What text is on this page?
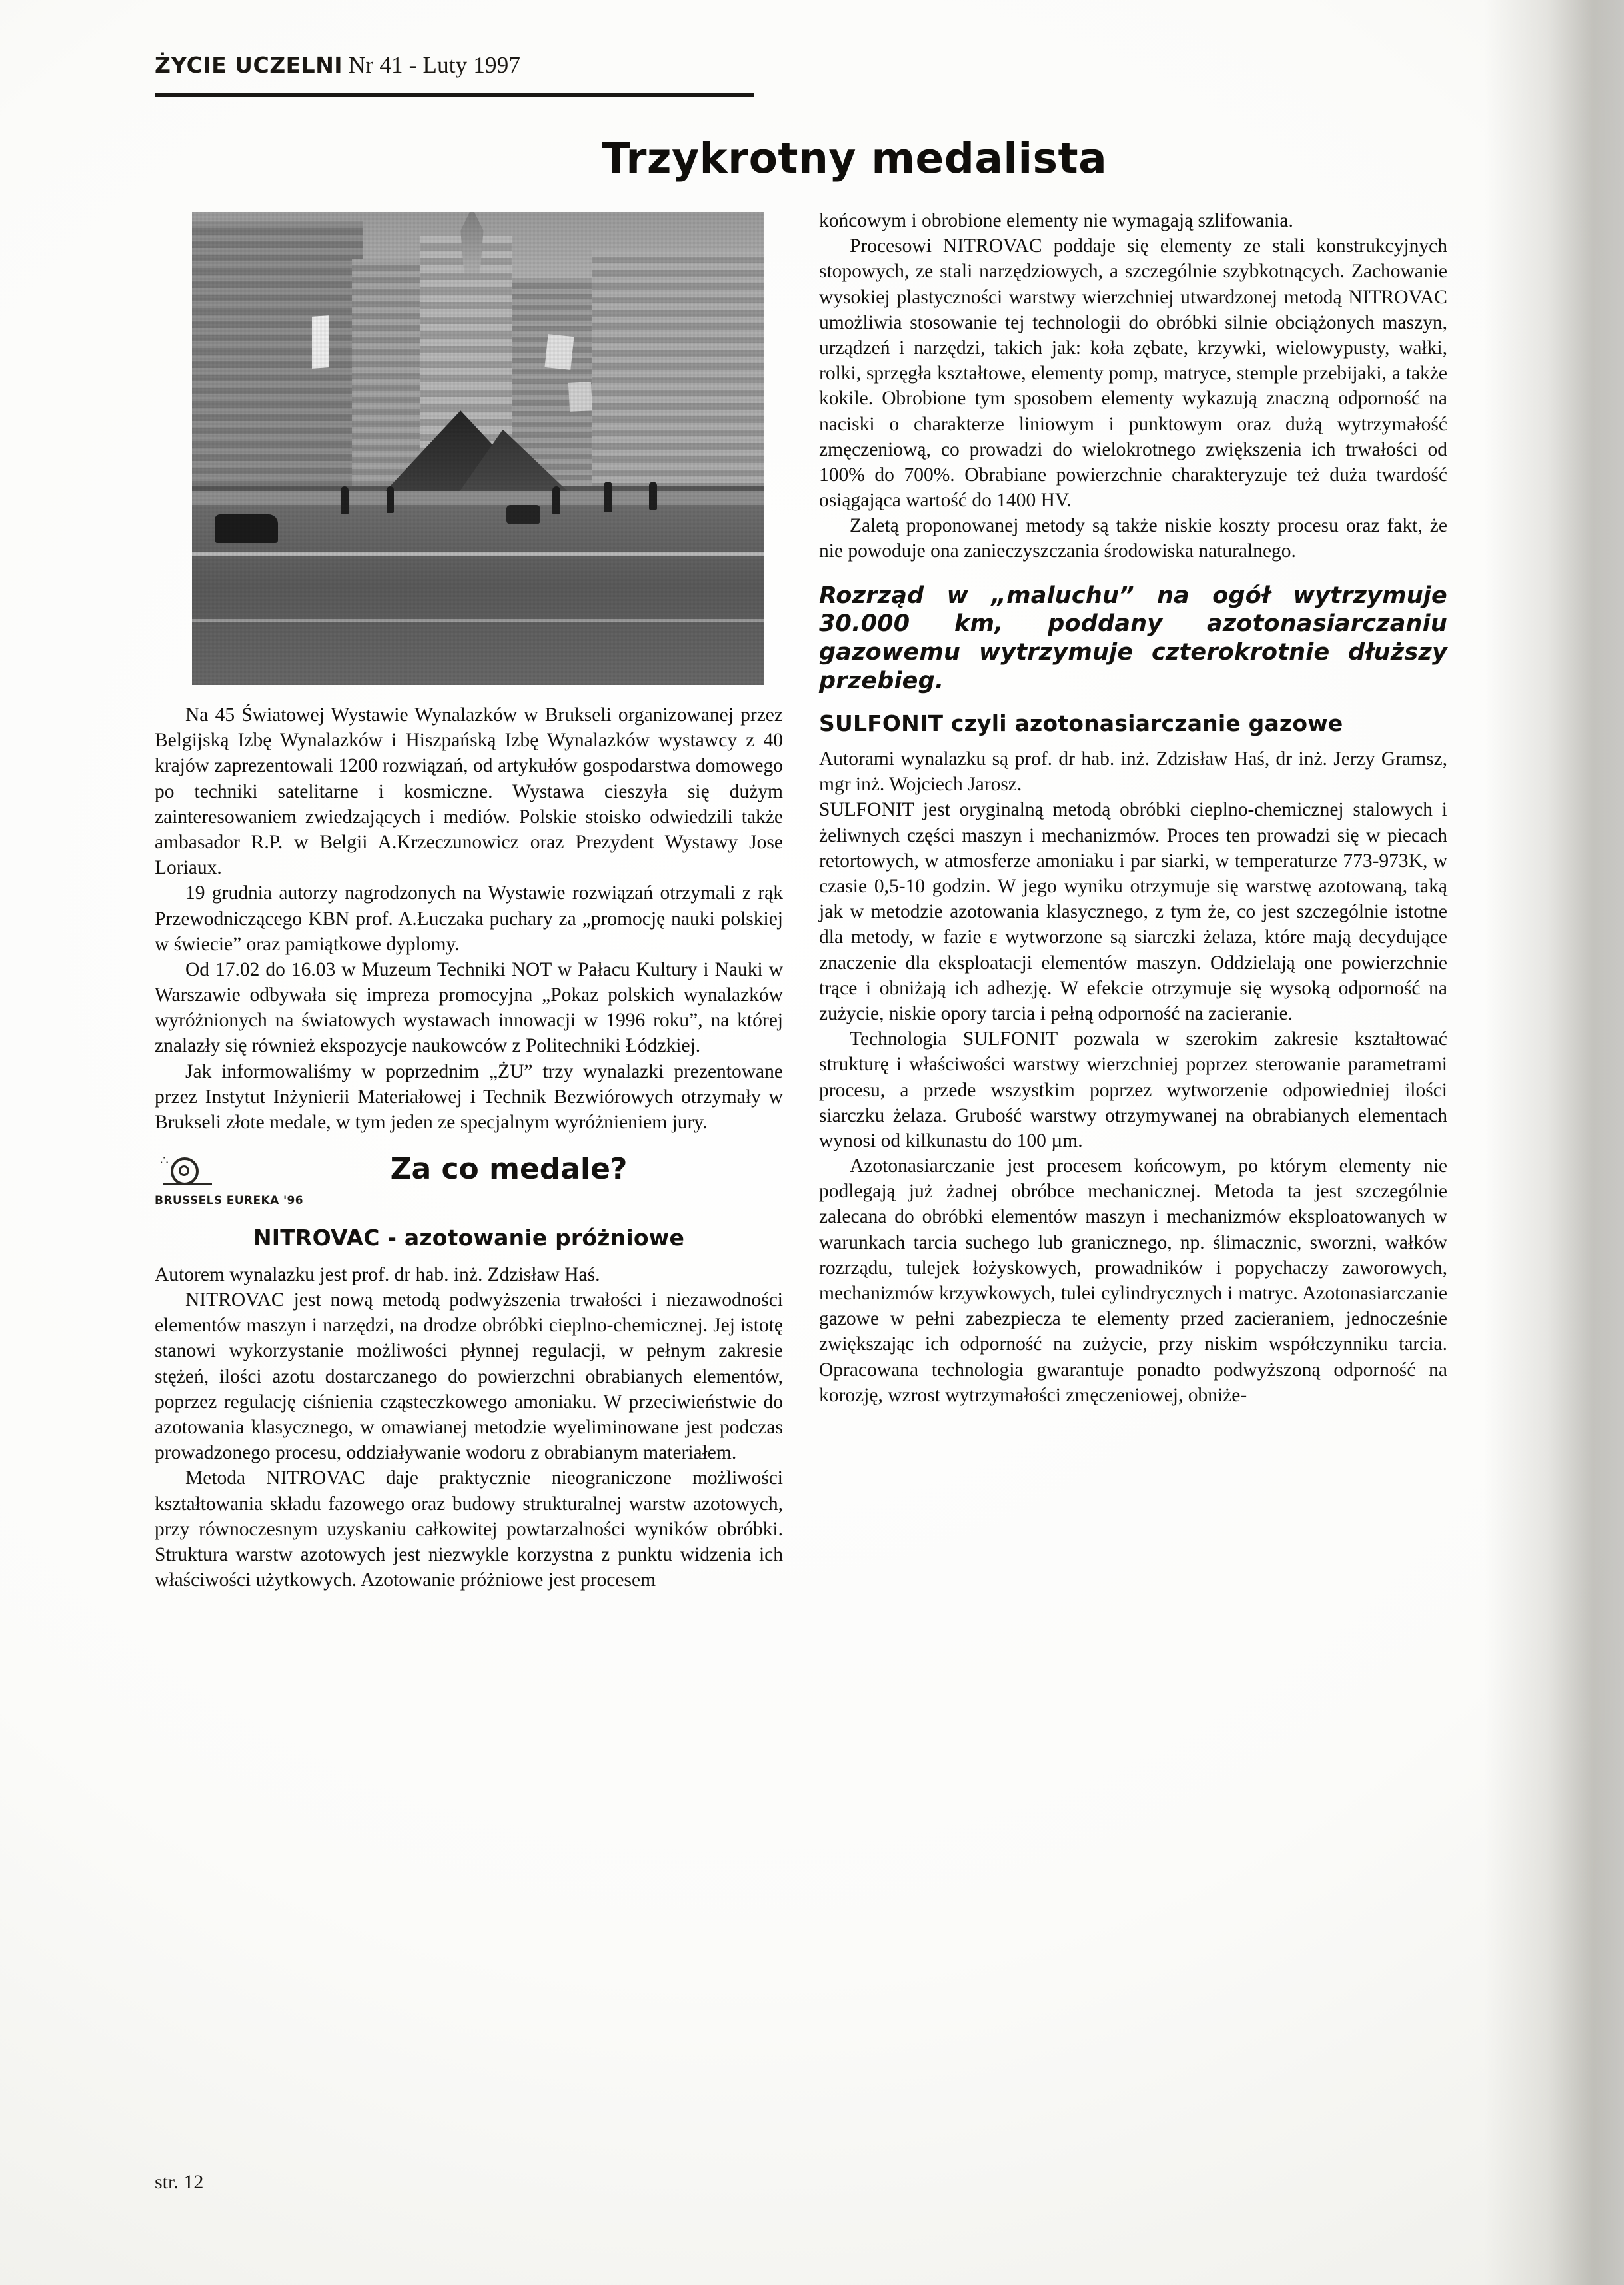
ŻYCIE UCZELNI Nr 41 - Luty 1997
Trzykrotny medalista

Na 45 Światowej Wystawie Wynalazków w Brukseli organizowanej przez Belgijską Izbę Wynalazków i Hiszpańską Izbę Wynalazków wystawcy z 40 krajów zaprezentowali 1200 rozwiązań, od artykułów gospodarstwa domowego po techniki satelitarne i kosmiczne. Wystawa cieszyła się dużym zainteresowaniem zwiedzających i mediów. Polskie stoisko odwiedzili także ambasador R.P. w Belgii A.Krzeczunowicz oraz Prezydent Wystawy Jose Loriaux.

19 grudnia autorzy nagrodzonych na Wystawie rozwiązań otrzymali z rąk Przewodniczącego KBN prof. A.Łuczaka puchary za „promocję nauki polskiej w świecie” oraz pamiątkowe dyplomy.

Od 17.02 do 16.03 w Muzeum Techniki NOT w Pałacu Kultury i Nauki w Warszawie odbywała się impreza promocyjna „Pokaz polskich wynalazków wyróżnionych na światowych wystawach innowacji w 1996 roku”, na której znalazły się również ekspozycje naukowców z Politechniki Łódzkiej.

Jak informowaliśmy w poprzednim „ŻU” trzy wynalazki prezentowane przez Instytut Inżynierii Materiałowej i Technik Bezwiórowych otrzymały w Brukseli złote medale, w tym jeden ze specjalnym wyróżnieniem jury.

∴	Za co medale?
BRUSSELS EUREKA '96
NITROVAC - azotowanie próżniowe

Autorem wynalazku jest prof. dr hab. inż. Zdzisław Haś.

NITROVAC jest nową metodą podwyższenia trwałości i niezawodności elementów maszyn i narzędzi, na drodze obróbki cieplno-chemicznej. Jej istotę stanowi wykorzystanie możliwości płynnej regulacji, w pełnym zakresie stężeń, ilości azotu dostarczanego do powierzchni obrabianych elementów, poprzez regulację ciśnienia cząsteczkowego amoniaku. W przeciwieństwie do azotowania klasycznego, w omawianej metodzie wyeliminowane jest podczas prowadzonego procesu, oddziaływanie wodoru z obrabianym materiałem.

Metoda NITROVAC daje praktycznie nieograniczone możliwości kształtowania składu fazowego oraz budowy strukturalnej warstw azotowych, przy równoczesnym uzyskaniu całkowitej powtarzalności wyników obróbki. Struktura warstw azotowych jest niezwykle korzystna z punktu widzenia ich właściwości użytkowych. Azotowanie próżniowe jest procesem

końcowym i obrobione elementy nie wymagają szlifowania.

Procesowi NITROVAC poddaje się elementy ze stali konstrukcyjnych stopowych, ze stali narzędziowych, a szczególnie szybkotnących. Zachowanie wysokiej plastyczności warstwy wierzchniej utwardzonej metodą NITROVAC umożliwia stosowanie tej technologii do obróbki silnie obciążonych maszyn, urządzeń i narzędzi, takich jak: koła zębate, krzywki, wielowypusty, wałki, rolki, sprzęgła kształtowe, elementy pomp, matryce, stemple przebijaki, a także kokile. Obrobione tym sposobem elementy wykazują znaczną odporność na naciski o charakterze liniowym i punktowym oraz dużą wytrzymałość zmęczeniową, co prowadzi do wielokrotnego zwiększenia ich trwałości od 100% do 700%. Obrabiane powierzchnie charakteryzuje też duża twardość osiągająca wartość do 1400 HV.

Zaletą proponowanej metody są także niskie koszty procesu oraz fakt, że nie powoduje ona zanieczyszczania środowiska naturalnego.

Rozrząd w „maluchu” na ogół wytrzymuje 30.000 km, poddany azotonasiarczaniu gazowemu wytrzymuje czterokrotnie dłuższy przebieg.

SULFONIT czyli azotonasiarczanie gazowe

Autorami wynalazku są prof. dr hab. inż. Zdzisław Haś, dr inż. Jerzy Gramsz, mgr inż. Wojciech Jarosz.

SULFONIT jest oryginalną metodą obróbki cieplno-chemicznej stalowych i żeliwnych części maszyn i mechanizmów. Proces ten prowadzi się w piecach retortowych, w atmosferze amoniaku i par siarki, w temperaturze 773-973K, w czasie 0,5-10 godzin. W jego wyniku otrzymuje się warstwę azotowaną, taką jak w metodzie azotowania klasycznego, z tym że, co jest szczególnie istotne dla metody, w fazie ε wytworzone są siarczki żelaza, które mają decydujące znaczenie dla eksploatacji elementów maszyn. Oddzielają one powierzchnie trące i obniżają ich adhezję. W efekcie otrzymuje się wysoką odporność na zużycie, niskie opory tarcia i pełną odporność na zacieranie.

Technologia SULFONIT pozwala w szerokim zakresie kształtować strukturę i właściwości warstwy wierzchniej poprzez sterowanie parametrami procesu, a przede wszystkim poprzez wytworzenie odpowiedniej ilości siarczku żelaza. Grubość warstwy otrzymywanej na obrabianych elementach wynosi od kilkunastu do 100 µm.

Azotonasiarczanie jest procesem końcowym, po którym elementy nie podlegają już żadnej obróbce mechanicznej. Metoda ta jest szczególnie zalecana do obróbki elementów maszyn i mechanizmów eksploatowanych w warunkach tarcia suchego lub granicznego, np. ślimacznic, sworzni, wałków rozrządu, tulejek łożyskowych, prowadników i popychaczy zaworowych, mechanizmów krzywkowych, tulei cylindrycznych i matryc. Azotonasiarczanie gazowe w pełni zabezpiecza te elementy przed zacieraniem, jednocześnie zwiększając ich odporność na zużycie, przy niskim współczynniku tarcia. Opracowana technologia gwarantuje ponadto podwyższoną odporność na korozję, wzrost wytrzymałości zmęczeniowej, obniże-

str. 12
